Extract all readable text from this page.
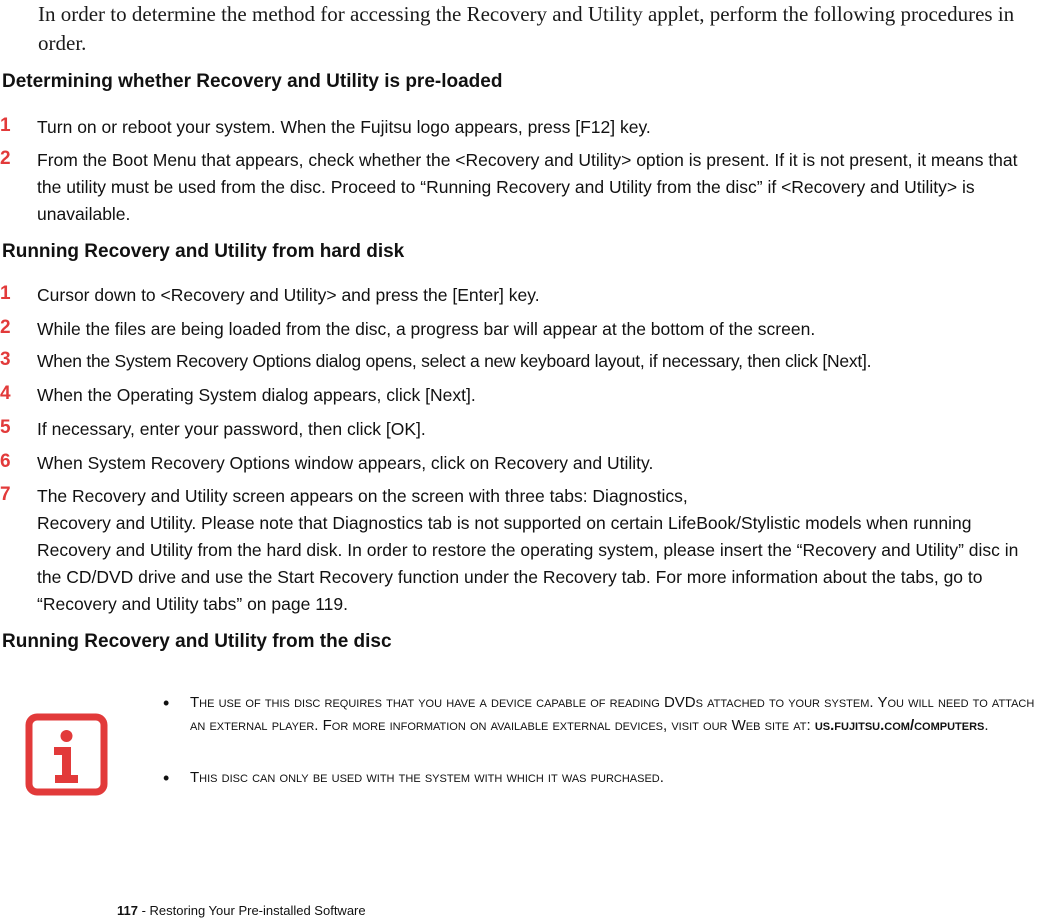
In order to determine the method for accessing the Recovery and Utility applet, perform the following procedures in order.
Determining whether Recovery and Utility is pre-loaded
1	Turn on or reboot your system. When the Fujitsu logo appears, press [F12] key.
2	From the Boot Menu that appears, check whether the <Recovery and Utility> option is present. If it is not present, it means that the utility must be used from the disc. Proceed to “Running Recovery and Utility from the disc” if <Recovery and Utility> is unavailable.
Running Recovery and Utility from hard disk
1	Cursor down to <Recovery and Utility> and press the [Enter] key.
2	While the files are being loaded from the disc, a progress bar will appear at the bottom of the screen.
3	When the System Recovery Options dialog opens, select a new keyboard layout, if necessary, then click [Next].
4	When the Operating System dialog appears, click [Next].
5	If necessary, enter your password, then click [OK].
6	When System Recovery Options window appears, click on Recovery and Utility.
7	The Recovery and Utility screen appears on the screen with three tabs: Diagnostics,
Recovery and Utility. Please note that Diagnostics tab is not supported on certain LifeBook/Stylistic models when running Recovery and Utility from the hard disk. In order to restore the operating system, please insert the “Recovery and Utility” disc in the CD/DVD drive and use the Start Recovery function under the Recovery tab. For more information about the tabs, go to “Recovery and Utility tabs” on page 119.
Running Recovery and Utility from the disc
• The use of this disc requires that you have a device capable of reading DVDs attached to your system. You will need to attach an external player. For more information on available external devices, visit our Web site at: us.fujitsu.com/computers.
• This disc can only be used with the system with which it was purchased.
117 - Restoring Your Pre-installed Software
